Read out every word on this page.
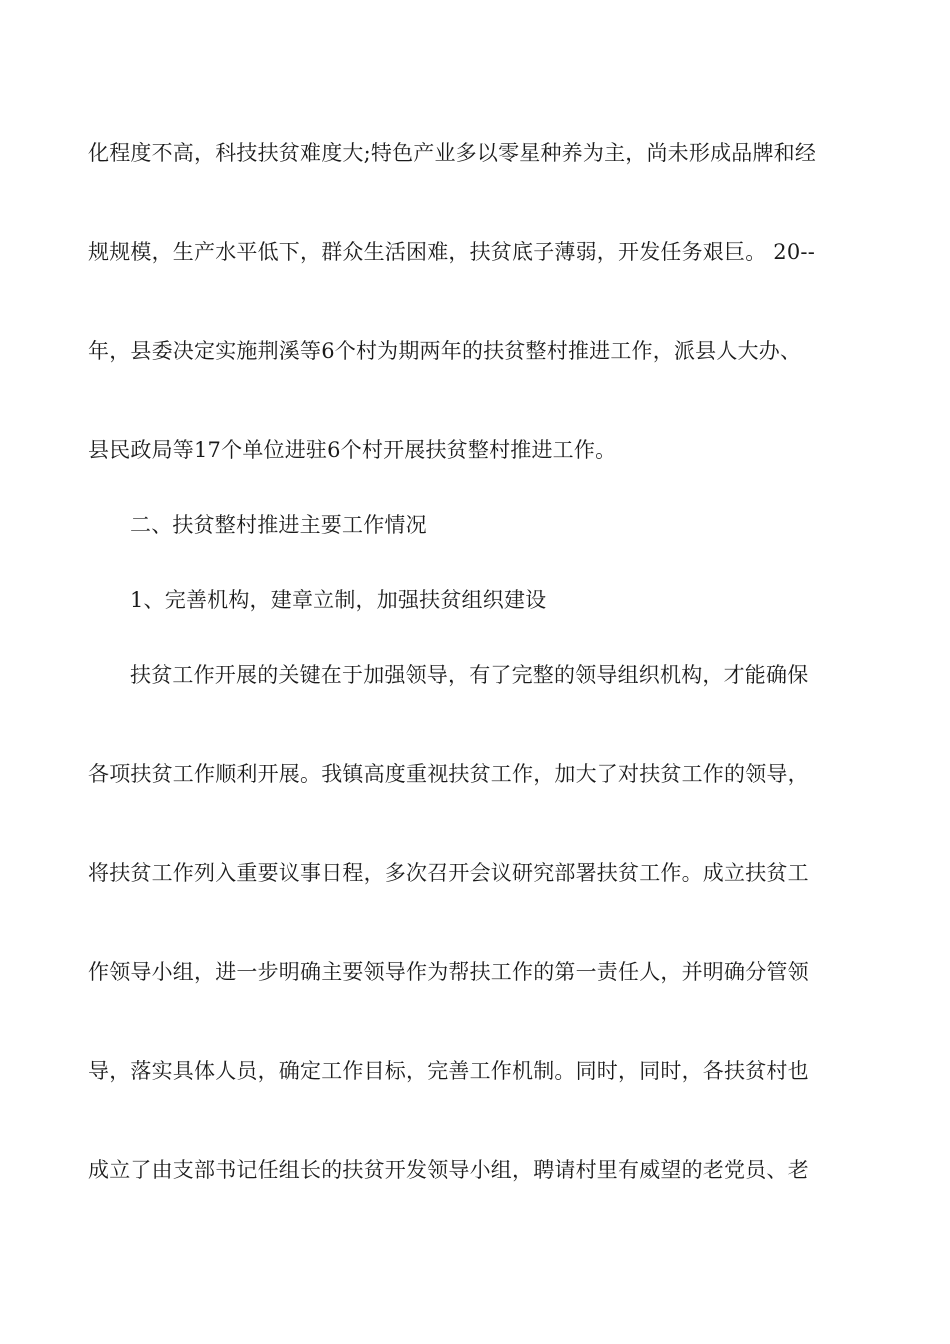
化程度不高，科技扶贫难度大;特色产业多以零星种养为主，尚未形成品牌和经
规规模，生产水平低下，群众生活困难，扶贫底子薄弱，开发任务艰巨。 20--
年，县委决定实施荆溪等6个村为期两年的扶贫整村推进工作，派县人大办、
县民政局等17个单位进驻6个村开展扶贫整村推进工作。
二、扶贫整村推进主要工作情况
1、完善机构，建章立制，加强扶贫组织建设
扶贫工作开展的关键在于加强领导，有了完整的领导组织机构，才能确保
各项扶贫工作顺利开展。我镇高度重视扶贫工作，加大了对扶贫工作的领导，
将扶贫工作列入重要议事日程，多次召开会议研究部署扶贫工作。成立扶贫工
作领导小组，进一步明确主要领导作为帮扶工作的第一责任人，并明确分管领
导，落实具体人员，确定工作目标，完善工作机制。同时，同时，各扶贫村也
成立了由支部书记任组长的扶贫开发领导小组，聘请村里有威望的老党员、老
